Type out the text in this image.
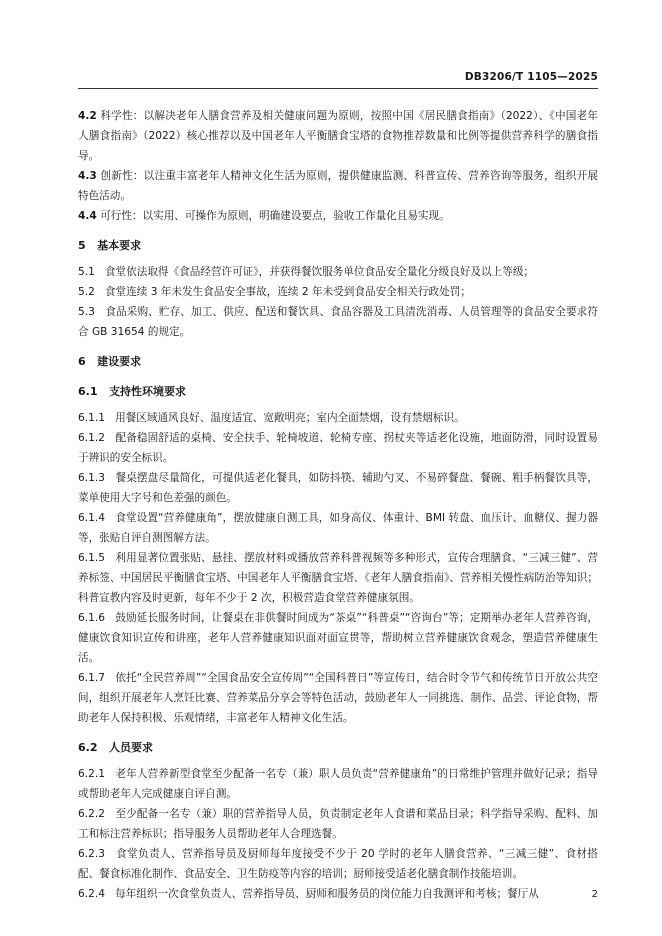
DB3206/T 1105—2025

4.2 科学性：以解决老年人膳食营养及相关健康问题为原则，按照中国《居民膳食指南》（2022）、《中国老年人膳食指南》（2022）核心推荐以及中国老年人平衡膳食宝塔的食物推荐数量和比例等提供营养科学的膳食指导。

4.3 创新性：以注重丰富老年人精神文化生活为原则，提供健康监测、科普宣传、营养咨询等服务，组织开展特色活动。

4.4 可行性：以实用、可操作为原则，明确建设要点，验收工作量化且易实现。

5   基本要求

5.1   食堂依法取得《食品经营许可证》，并获得餐饮服务单位食品安全量化分级良好及以上等级；

5.2   食堂连续 3 年未发生食品安全事故，连续 2 年未受到食品安全相关行政处罚；

5.3   食品采购、贮存、加工、供应、配送和餐饮具、食品容器及工具清洗消毒、人员管理等的食品安全要求符合 GB 31654 的规定。

6   建设要求

6.1   支持性环境要求

6.1.1   用餐区域通风良好、温度适宜、宽敞明亮；室内全面禁烟，设有禁烟标识。

6.1.2   配备稳固舒适的桌椅、安全扶手、轮椅坡道、轮椅专座、拐杖夹等适老化设施，地面防滑，同时设置易于辨识的安全标识。

6.1.3   餐桌摆盘尽量简化，可提供适老化餐具，如防抖筷、辅助勺叉、不易碎餐盘、餐碗、粗手柄餐饮具等，菜单使用大字号和色差强的颜色。

6.1.4   食堂设置“营养健康角”，摆放健康自测工具，如身高仪、体重计、BMI 转盘、血压计、血糖仪、握力器等，张贴自评自测图解方法。

6.1.5   利用显著位置张贴、悬挂、摆放材料或播放营养科普视频等多种形式，宣传合理膳食、“三减三健”、营养标签、中国居民平衡膳食宝塔、中国老年人平衡膳食宝塔、《老年人膳食指南》、营养相关慢性病防治等知识；科普宣教内容及时更新，每年不少于 2 次，积极营造食堂营养健康氛围。

6.1.6   鼓励延长服务时间，让餐桌在非供餐时间成为“茶桌”“科普桌”“咨询台”等；定期举办老年人营养咨询，健康饮食知识宣传和讲座，老年人营养健康知识面对面宣贯等，帮助树立营养健康饮食观念，塑造营养健康生活。

6.1.7   依托“全民营养周”“全国食品安全宣传周”“全国科普日”等宣传日，结合时令节气和传统节日开放公共空间，组织开展老年人烹饪比赛、营养菜品分享会等特色活动，鼓励老年人一同挑选、制作、品尝、评论食物，帮助老年人保持积极、乐观情绪，丰富老年人精神文化生活。

6.2   人员要求

6.2.1   老年人营养新型食堂至少配备一名专（兼）职人员负责“营养健康角”的日常维护管理并做好记录；指导或帮助老年人完成健康自评自测。

6.2.2   至少配备一名专（兼）职的营养指导人员，负责制定老年人食谱和菜品目录；科学指导采购、配料、加工和标注营养标识；指导服务人员帮助老年人合理选餐。

6.2.3   食堂负责人、营养指导员及厨师每年度接受不少于 20 学时的老年人膳食营养、“三减三健”、食材搭配、餐食标准化制作、食品安全、卫生防疫等内容的培训；厨师接受适老化膳食制作技能培训。

6.2.4   每年组织一次食堂负责人、营养指导员、厨师和服务员的岗位能力自我测评和考核；餐厅从	2
